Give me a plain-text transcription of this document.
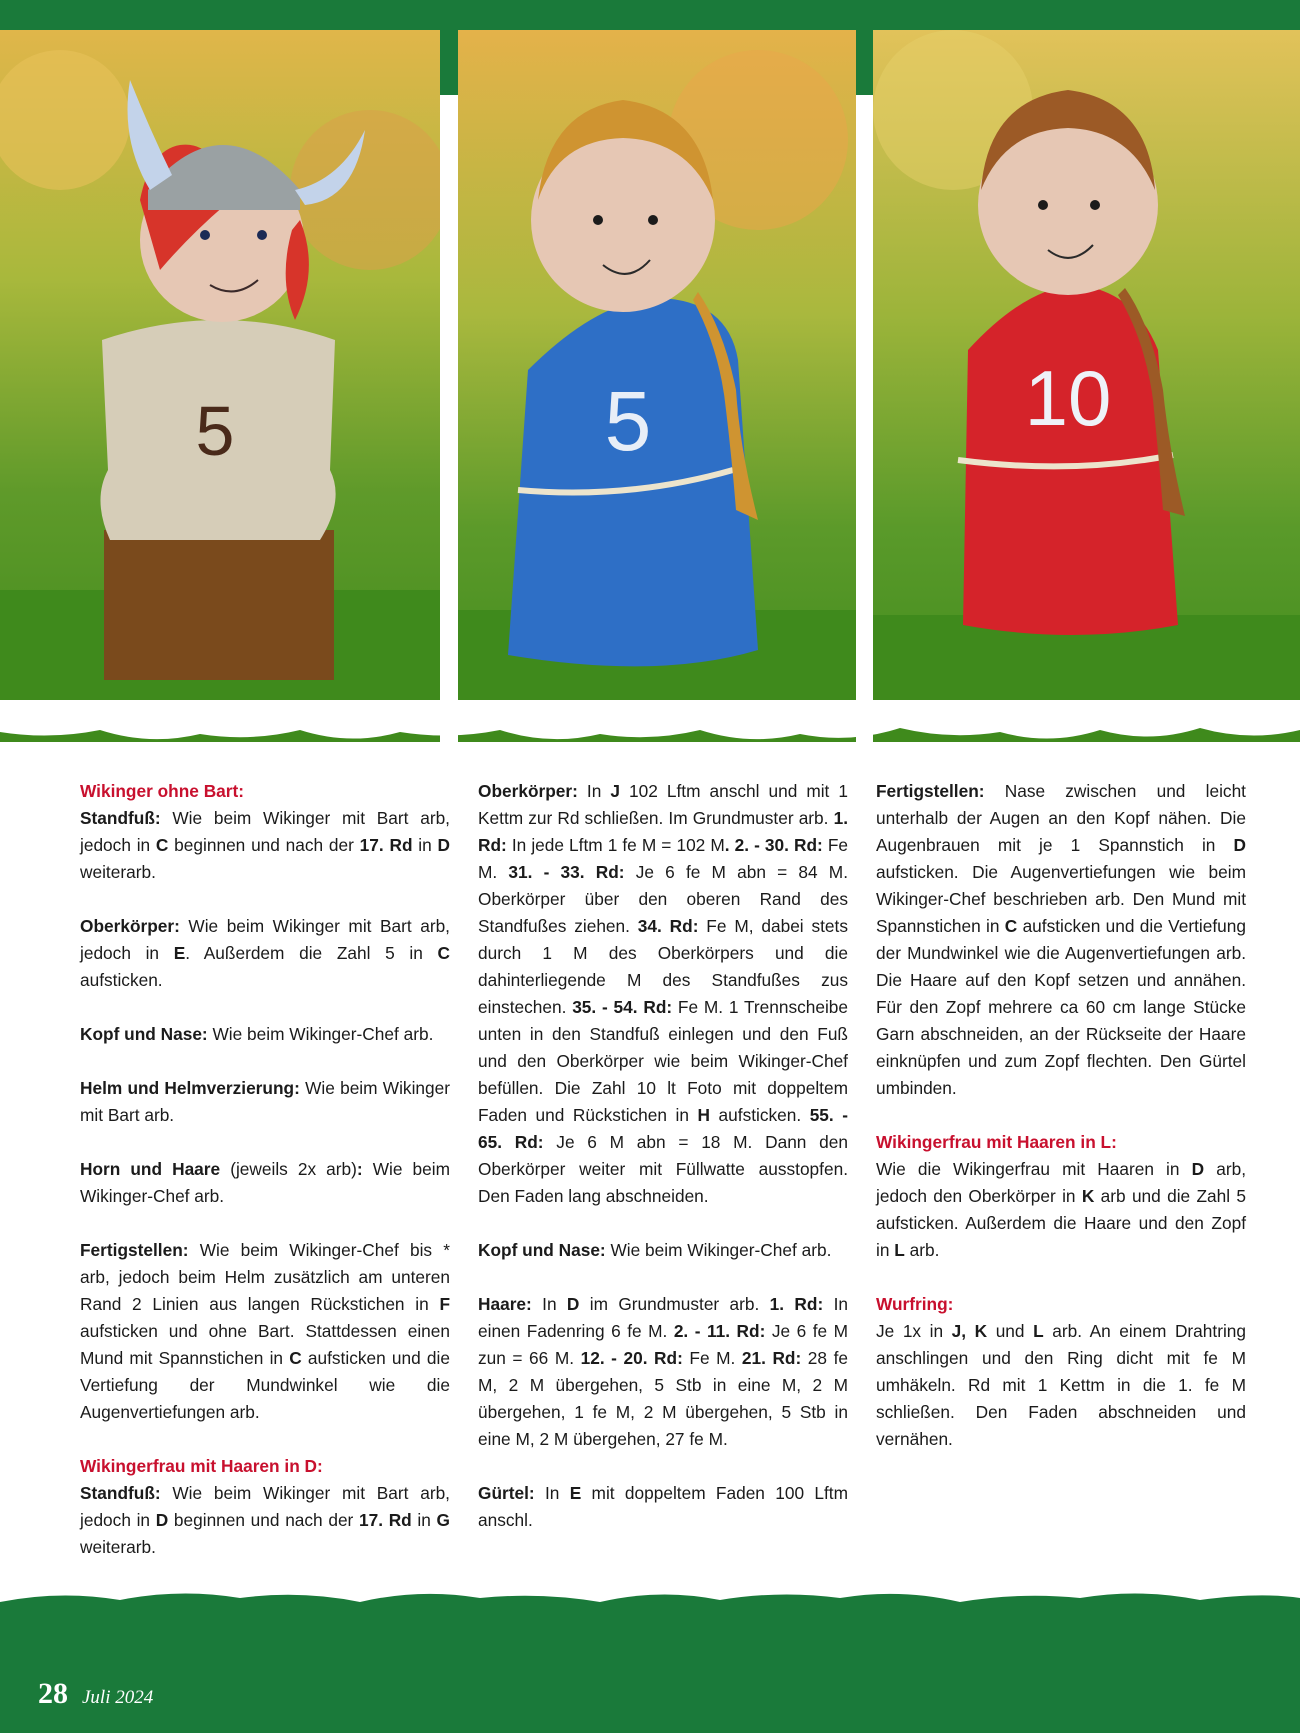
5	5	10
Wikinger ohne Bart:

Standfuß: Wie beim Wikinger mit Bart arb, jedoch in C beginnen und nach der 17. Rd in D weiterarb.

Oberkörper: Wie beim Wikinger mit Bart arb, jedoch in E. Außerdem die Zahl 5 in C aufsticken.

Kopf und Nase: Wie beim Wikinger-Chef arb.

Helm und Helmverzierung: Wie beim Wikinger mit Bart arb.

Horn und Haare (jeweils 2x arb): Wie beim Wikinger-Chef arb.

Fertigstellen: Wie beim Wikinger-Chef bis * arb, jedoch beim Helm zusätzlich am unteren Rand 2 Linien aus langen Rückstichen in F aufsticken und ohne Bart. Stattdessen einen Mund mit Spannstichen in C aufsticken und die Vertiefung der Mundwinkel wie die Augenvertiefungen arb.

Wikingerfrau mit Haaren in D:

Standfuß: Wie beim Wikinger mit Bart arb, jedoch in D beginnen und nach der 17. Rd in G weiterarb.

Oberkörper: In J 102 Lftm anschl und mit 1 Kettm zur Rd schließen. Im Grundmuster arb. 1. Rd: In jede Lftm 1 fe M = 102 M. 2. - 30. Rd: Fe M. 31. - 33. Rd: Je 6 fe M abn = 84 M. Oberkörper über den oberen Rand des Standfußes ziehen. 34. Rd: Fe M, dabei stets durch 1 M des Oberkörpers und die dahinterliegende M des Standfußes zus einstechen. 35. - 54. Rd: Fe M. 1 Trennscheibe unten in den Standfuß einlegen und den Fuß und den Oberkörper wie beim Wikinger-Chef befüllen. Die Zahl 10 lt Foto mit doppeltem Faden und Rückstichen in H aufsticken. 55. - 65. Rd: Je 6 M abn = 18 M. Dann den Oberkörper weiter mit Füllwatte ausstopfen. Den Faden lang abschneiden.

Kopf und Nase: Wie beim Wikinger-Chef arb.

Haare: In D im Grundmuster arb. 1. Rd: In einen Fadenring 6 fe M. 2. - 11. Rd: Je 6 fe M zun = 66 M. 12. - 20. Rd: Fe M. 21. Rd: 28 fe M, 2 M übergehen, 5 Stb in eine M, 2 M übergehen, 1 fe M, 2 M übergehen, 5 Stb in eine M, 2 M übergehen, 27 fe M.

Gürtel: In E mit doppeltem Faden 100 Lftm anschl.

Fertigstellen: Nase zwischen und leicht unterhalb der Augen an den Kopf nähen. Die Augenbrauen mit je 1 Spannstich in D aufsticken. Die Augenvertiefungen wie beim Wikinger-Chef beschrieben arb. Den Mund mit Spannstichen in C aufsticken und die Vertiefung der Mundwinkel wie die Augenvertiefungen arb. Die Haare auf den Kopf setzen und annähen. Für den Zopf mehrere ca 60 cm lange Stücke Garn abschneiden, an der Rückseite der Haare einknüpfen und zum Zopf flechten. Den Gürtel umbinden.

Wikingerfrau mit Haaren in L:

Wie die Wikingerfrau mit Haaren in D arb, jedoch den Oberkörper in K arb und die Zahl 5 aufsticken. Außerdem die Haare und den Zopf in L arb.

Wurfring:

Je 1x in J, K und L arb. An einem Drahtring anschlingen und den Ring dicht mit fe M umhäkeln. Rd mit 1 Kettm in die 1. fe M schließen. Den Faden abschneiden und vernähen.

28 Juli 2024
